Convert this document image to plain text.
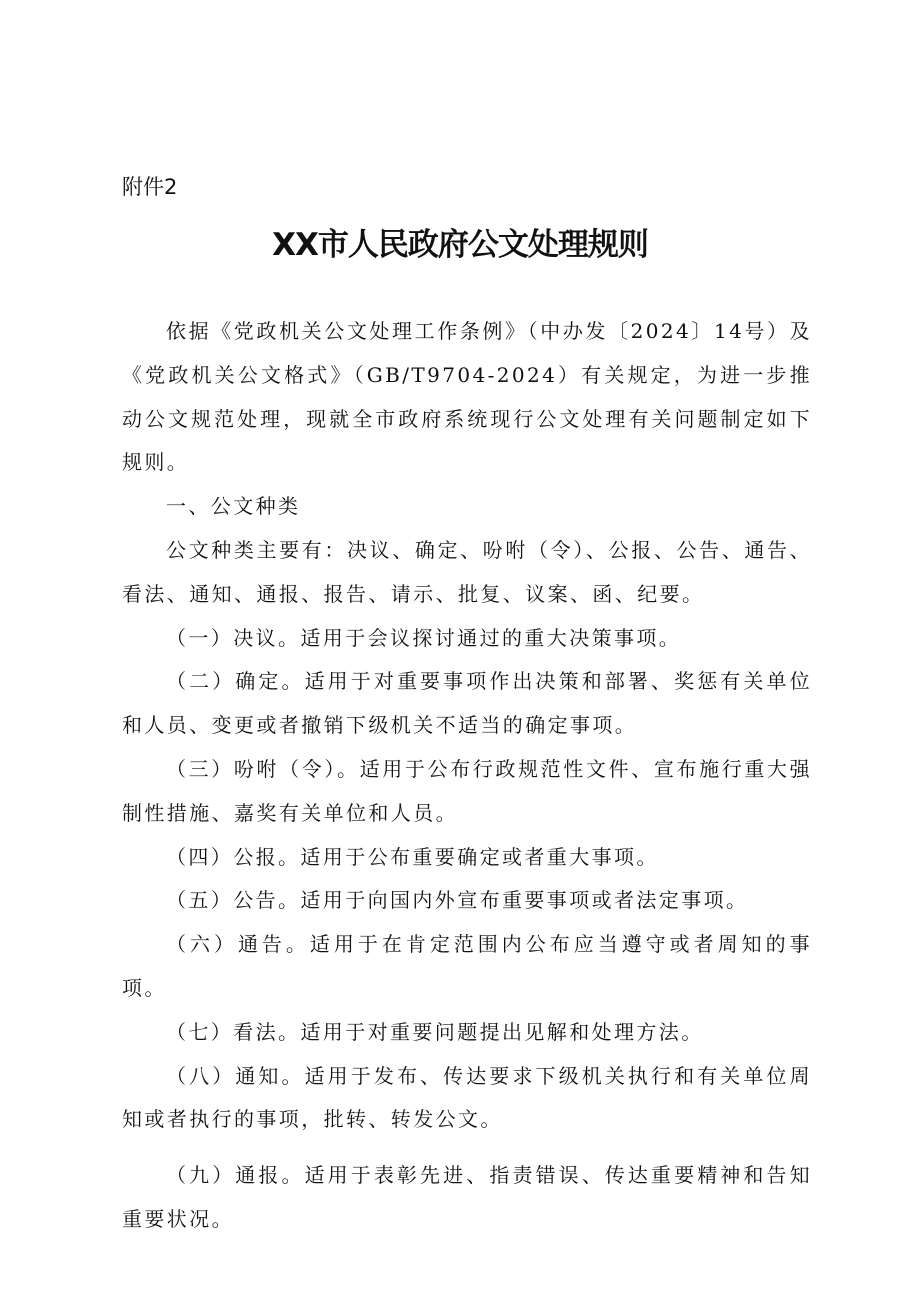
附件2
XX市人民政府公文处理规则

依据《党政机关公文处理工作条例》（中办发〔2024〕14号）及《党政机关公文格式》（GB/T9704-2024）有关规定，为进一步推动公文规范处理，现就全市政府系统现行公文处理有关问题制定如下规则。

一、公文种类

公文种类主要有：决议、确定、吩咐（令）、公报、公告、通告、看法、通知、通报、报告、请示、批复、议案、函、纪要。

（一）决议。适用于会议探讨通过的重大决策事项。

（二）确定。适用于对重要事项作出决策和部署、奖惩有关单位和人员、变更或者撤销下级机关不适当的确定事项。

（三）吩咐（令）。适用于公布行政规范性文件、宣布施行重大强制性措施、嘉奖有关单位和人员。

（四）公报。适用于公布重要确定或者重大事项。

（五）公告。适用于向国内外宣布重要事项或者法定事项。

（六）通告。适用于在肯定范围内公布应当遵守或者周知的事项。

（七）看法。适用于对重要问题提出见解和处理方法。

（八）通知。适用于发布、传达要求下级机关执行和有关单位周知或者执行的事项，批转、转发公文。

（九）通报。适用于表彰先进、指责错误、传达重要精神和告知重要状况。
